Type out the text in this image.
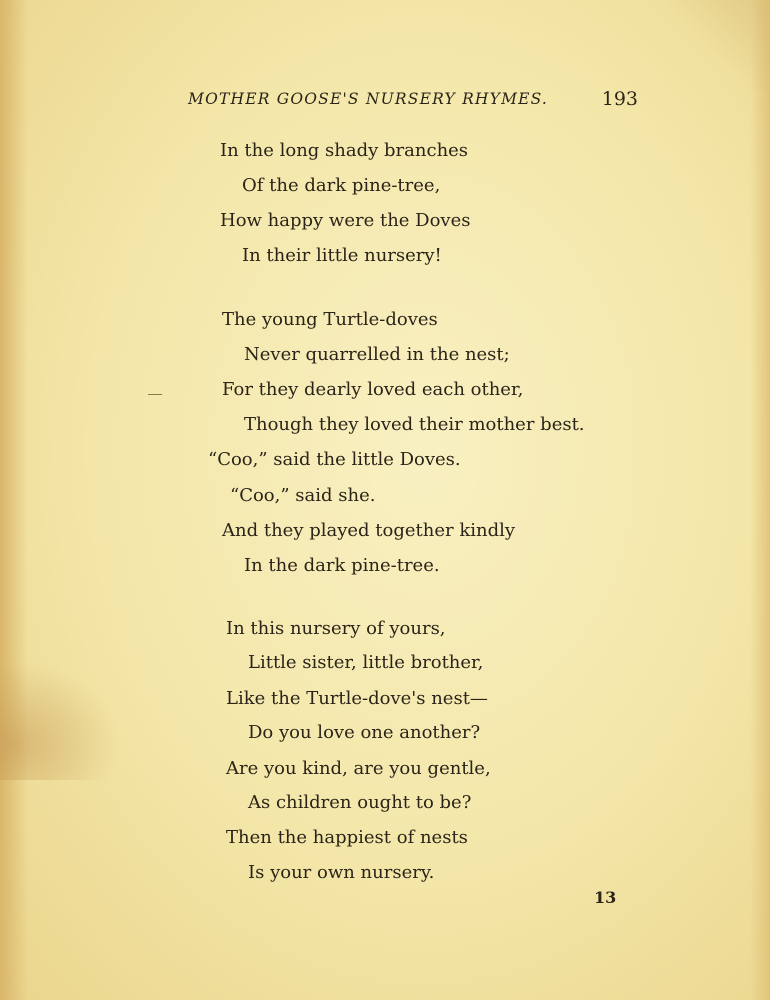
MOTHER GOOSE'S NURSERY RHYMES.	193
In the long shady branches
Of the dark pine-tree,
How happy were the Doves
In their little nursery!
The young Turtle-doves
Never quarrelled in the nest;
For they dearly loved each other,
Though they loved their mother best.
“Coo,” said the little Doves.
“Coo,” said she.
And they played together kindly
In the dark pine-tree.
In this nursery of yours,
Little sister, little brother,
Like the Turtle-dove's nest—
Do you love one another?
Are you kind, are you gentle,
As children ought to be?
Then the happiest of nests
Is your own nursery.
13
